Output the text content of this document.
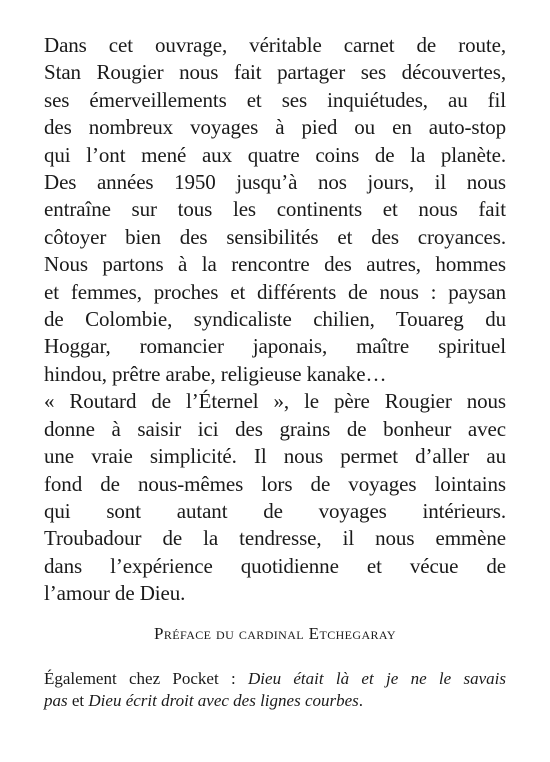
Dans cet ouvrage, véritable carnet de route,
Stan Rougier nous fait partager ses découvertes,
ses émerveillements et ses inquiétudes, au fil
des nombreux voyages à pied ou en auto-stop
qui l’ont mené aux quatre coins de la planète.
Des années 1950 jusqu’à nos jours, il nous
entraîne sur tous les continents et nous fait
côtoyer bien des sensibilités et des croyances.
Nous partons à la rencontre des autres, hommes
et femmes, proches et différents de nous : paysan
de Colombie, syndicaliste chilien, Touareg du
Hoggar, romancier japonais, maître spirituel
hindou, prêtre arabe, religieuse kanake…
« Routard de l’Éternel », le père Rougier nous
donne à saisir ici des grains de bonheur avec
une vraie simplicité. Il nous permet d’aller au
fond de nous-mêmes lors de voyages lointains
qui sont autant de voyages intérieurs.
Troubadour de la tendresse, il nous emmène
dans l’expérience quotidienne et vécue de
l’amour de Dieu.
Préface du cardinal Etchegaray
Également chez Pocket : Dieu était là et je ne le savais
pas et Dieu écrit droit avec des lignes courbes.
